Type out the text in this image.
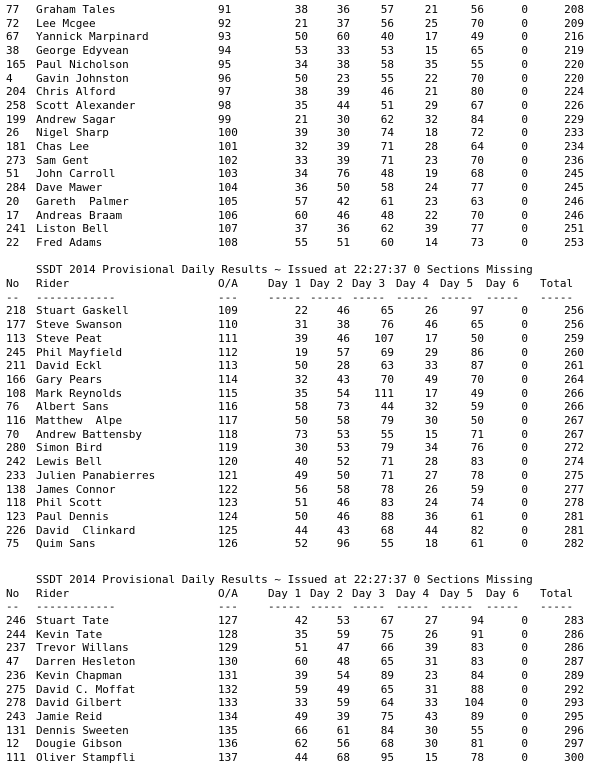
77	Graham Tales	91	38	36	57	21	56	0	208
72	Lee Mcgee	92	21	37	56	25	70	0	209
67	Yannick Marpinard	93	50	60	40	17	49	0	216
38	George Edyvean	94	53	33	53	15	65	0	219
165 Paul Nicholson	95	34	38	58	35	55	0	220
4	Gavin Johnston	96	50	23	55	22	70	0	220
204 Chris Alford	97	38	39	46	21	80	0	224
258 Scott Alexander	98	35	44	51	29	67	0	226
199 Andrew Sagar	99	21	30	62	32	84	0	229
26	Nigel Sharp	100	39	30	74	18	72	0	233
181 Chas Lee	101	32	39	71	28	64	0	234
273 Sam Gent	102	33	39	71	23	70	0	236
51	John Carroll	103	34	76	48	19	68	0	245
284 Dave Mawer	104	36	50	58	24	77	0	245
20	Gareth  Palmer	105	57	42	61	23	63	0	246
17	Andreas Braam	106	60	46	48	22	70	0	246
241 Liston Bell	107	37	36	62	39	77	0	251
22	Fred Adams	108	55	51	60	14	73	0	253
SSDT 2014 Provisional Daily Results ~ Issued at 22:27:37 0 Sections Missing
No	Rider	O/A	Day 1 Day 2 Day 3 Day 4 Day 5	Day 6	Total
--	------------	---	----- ----- ----- ----- -----	-----	-----
218 Stuart Gaskell	109	22	46	65	26	97	0	256
177 Steve Swanson	110	31	38	76	46	65	0	256
113 Steve Peat	111	39	46	107	17	50	0	259
245 Phil Mayfield	112	19	57	69	29	86	0	260
211 David Eckl	113	50	28	63	33	87	0	261
166 Gary Pears	114	32	43	70	49	70	0	264
108 Mark Reynolds	115	35	54	111	17	49	0	266
76	Albert Sans	116	58	73	44	32	59	0	266
116 Matthew  Alpe	117	50	58	79	30	50	0	267
70	Andrew Battensby	118	73	53	55	15	71	0	267
280 Simon Bird	119	30	53	79	34	76	0	272
242 Lewis Bell	120	40	52	71	28	83	0	274
233 Julien Panabierres	121	49	50	71	27	78	0	275
138 James Connor	122	56	58	78	26	59	0	277
118 Phil Scott	123	51	46	83	24	74	0	278
123 Paul Dennis	124	50	46	88	36	61	0	281
226 David  Clinkard	125	44	43	68	44	82	0	281
75	Quim Sans	126	52	96	55	18	61	0	282
SSDT 2014 Provisional Daily Results ~ Issued at 22:27:37 0 Sections Missing
No	Rider	O/A	Day 1 Day 2 Day 3 Day 4 Day 5	Day 6	Total
--	------------	---	----- ----- ----- ----- -----	-----	-----
246 Stuart Tate	127	42	53	67	27	94	0	283
244 Kevin Tate	128	35	59	75	26	91	0	286
237 Trevor Willans	129	51	47	66	39	83	0	286
47	Darren Hesleton	130	60	48	65	31	83	0	287
236 Kevin Chapman	131	39	54	89	23	84	0	289
275 David C. Moffat	132	59	49	65	31	88	0	292
278 David Gilbert	133	33	59	64	33	104	0	293
243 Jamie Reid	134	49	39	75	43	89	0	295
131 Dennis Sweeten	135	66	61	84	30	55	0	296
12	Dougie Gibson	136	62	56	68	30	81	0	297
111 Oliver Stampfli	137	44	68	95	15	78	0	300
